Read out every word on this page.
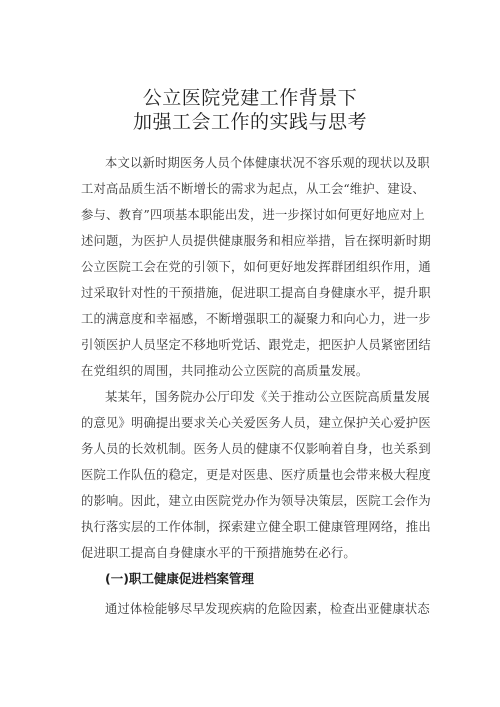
公立医院党建工作背景下
加强工会工作的实践与思考
本文以新时期医务人员个体健康状况不容乐观的现状以及职
工对高品质生活不断增长的需求为起点，从工会“维护、建设、
参与、教育”四项基本职能出发，进一步探讨如何更好地应对上
述问题，为医护人员提供健康服务和相应举措，旨在探明新时期
公立医院工会在党的引领下，如何更好地发挥群团组织作用，通
过采取针对性的干预措施，促进职工提高自身健康水平，提升职
工的满意度和幸福感，不断增强职工的凝聚力和向心力，进一步
引领医护人员坚定不移地听党话、跟党走，把医护人员紧密团结
在党组织的周围，共同推动公立医院的高质量发展。
某某年，国务院办公厅印发《关于推动公立医院高质量发展
的意见》明确提出要求关心关爱医务人员，建立保护关心爱护医
务人员的长效机制。医务人员的健康不仅影响着自身，也关系到
医院工作队伍的稳定，更是对医患、医疗质量也会带来极大程度
的影响。因此，建立由医院党办作为领导决策层，医院工会作为
执行落实层的工作体制，探索建立健全职工健康管理网络，推出
促进职工提高自身健康水平的干预措施势在必行。
(一)职工健康促进档案管理
通过体检能够尽早发现疾病的危险因素，检查出亚健康状态
